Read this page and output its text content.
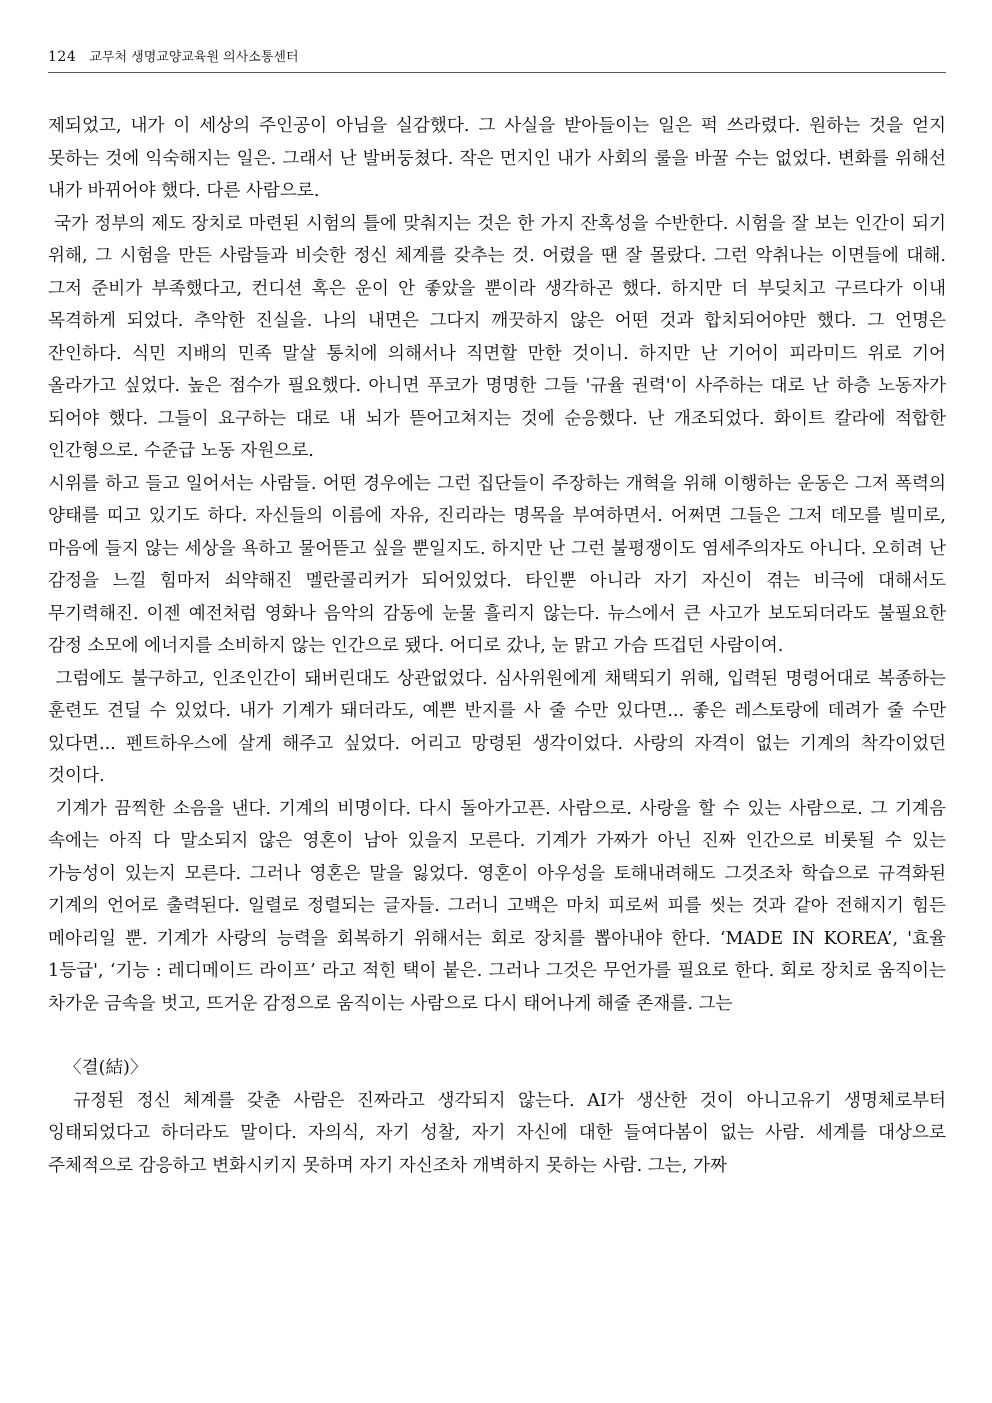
124 교무처 생명교양교육원 의사소통센터

제되었고, 내가 이 세상의 주인공이 아님을 실감했다. 그 사실을 받아들이는 일은 퍽 쓰라렸다. 원하는 것을 얻지 못하는 것에 익숙해지는 일은. 그래서 난 발버둥쳤다. 작은 먼지인 내가 사회의 룰을 바꿀 수는 없었다. 변화를 위해선 내가 바뀌어야 했다. 다른 사람으로.

국가 정부의 제도 장치로 마련된 시험의 틀에 맞춰지는 것은 한 가지 잔혹성을 수반한다. 시험을 잘 보는 인간이 되기 위해, 그 시험을 만든 사람들과 비슷한 정신 체계를 갖추는 것. 어렸을 땐 잘 몰랐다. 그런 악취나는 이면들에 대해. 그저 준비가 부족했다고, 컨디션 혹은 운이 안 좋았을 뿐이라 생각하곤 했다. 하지만 더 부딪치고 구르다가 이내 목격하게 되었다. 추악한 진실을. 나의 내면은 그다지 깨끗하지 않은 어떤 것과 합치되어야만 했다. 그 언명은 잔인하다. 식민 지배의 민족 말살 통치에 의해서나 직면할 만한 것이니. 하지만 난 기어이 피라미드 위로 기어 올라가고 싶었다. 높은 점수가 필요했다. 아니면 푸코가 명명한 그들 '규율 권력'이 사주하는 대로 난 하층 노동자가 되어야 했다. 그들이 요구하는 대로 내 뇌가 뜯어고쳐지는 것에 순응했다. 난 개조되었다. 화이트 칼라에 적합한 인간형으로. 수준급 노동 자원으로.

시위를 하고 들고 일어서는 사람들. 어떤 경우에는 그런 집단들이 주장하는 개혁을 위해 이행하는 운동은 그저 폭력의 양태를 띠고 있기도 하다. 자신들의 이름에 자유, 진리라는 명목을 부여하면서. 어쩌면 그들은 그저 데모를 빌미로, 마음에 들지 않는 세상을 욕하고 물어뜯고 싶을 뿐일지도. 하지만 난 그런 불평쟁이도 염세주의자도 아니다. 오히려 난 감정을 느낄 힘마저 쇠약해진 멜란콜리커가 되어있었다. 타인뿐 아니라 자기 자신이 겪는 비극에 대해서도 무기력해진. 이젠 예전처럼 영화나 음악의 감동에 눈물 흘리지 않는다. 뉴스에서 큰 사고가 보도되더라도 불필요한 감정 소모에 에너지를 소비하지 않는 인간으로 됐다. 어디로 갔나, 눈 맑고 가슴 뜨겁던 사람이여.

그럼에도 불구하고, 인조인간이 돼버린대도 상관없었다. 심사위원에게 채택되기 위해, 입력된 명령어대로 복종하는 훈련도 견딜 수 있었다. 내가 기계가 돼더라도, 예쁜 반지를 사 줄 수만 있다면... 좋은 레스토랑에 데려가 줄 수만 있다면... 펜트하우스에 살게 해주고 싶었다. 어리고 망령된 생각이었다. 사랑의 자격이 없는 기계의 착각이었던 것이다.

기계가 끔찍한 소음을 낸다. 기계의 비명이다. 다시 돌아가고픈. 사람으로. 사랑을 할 수 있는 사람으로. 그 기계음 속에는 아직 다 말소되지 않은 영혼이 남아 있을지 모른다. 기계가 가짜가 아닌 진짜 인간으로 비롯될 수 있는 가능성이 있는지 모른다. 그러나 영혼은 말을 잃었다. 영혼이 아우성을 토해내려해도 그것조차 학습으로 규격화된 기계의 언어로 출력된다. 일렬로 정렬되는 글자들. 그러니 고백은 마치 피로써 피를 씻는 것과 같아 전해지기 힘든 메아리일 뿐. 기계가 사랑의 능력을 회복하기 위해서는 회로 장치를 뽑아내야 한다. ‘MADE IN KOREA’, '효율 1등급', ‘기능 : 레디메이드 라이프’ 라고 적힌 택이 붙은. 그러나 그것은 무언가를 필요로 한다. 회로 장치로 움직이는 차가운 금속을 벗고, 뜨거운 감정으로 움직이는 사람으로 다시 태어나게 해줄 존재를. 그는

〈결(結)〉

규정된 정신 체계를 갖춘 사람은 진짜라고 생각되지 않는다. AI가 생산한 것이 아니고유기 생명체로부터 잉태되었다고 하더라도 말이다. 자의식, 자기 성찰, 자기 자신에 대한 들여다봄이 없는 사람. 세계를 대상으로 주체적으로 감응하고 변화시키지 못하며 자기 자신조차 개벽하지 못하는 사람. 그는, 가짜
